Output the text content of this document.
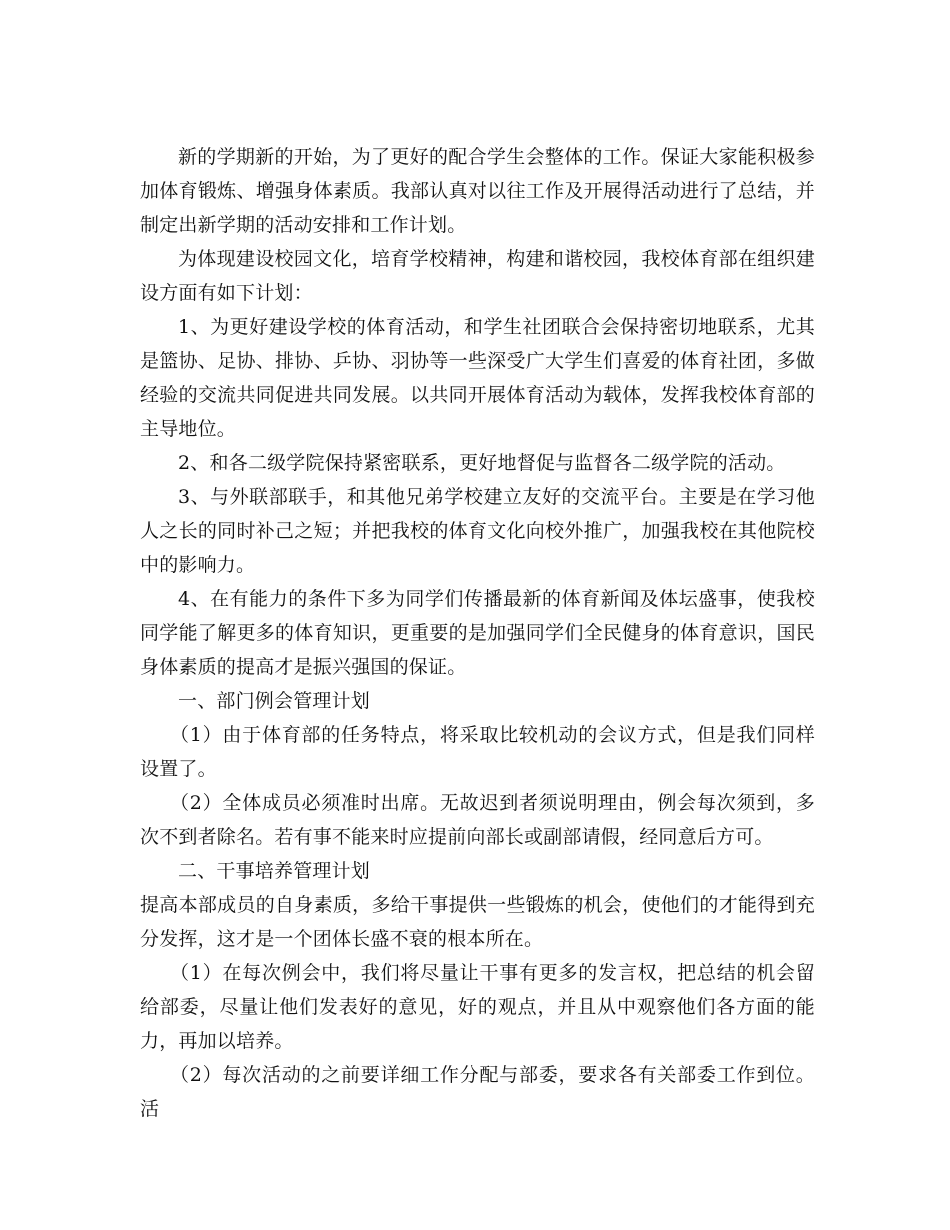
新的学期新的开始，为了更好的配合学生会整体的工作。保证大家能积极参加体育锻炼、增强身体素质。我部认真对以往工作及开展得活动进行了总结，并制定出新学期的活动安排和工作计划。

为体现建设校园文化，培育学校精神，构建和谐校园，我校体育部在组织建设方面有如下计划：

1、为更好建设学校的体育活动，和学生社团联合会保持密切地联系，尤其是篮协、足协、排协、乒协、羽协等一些深受广大学生们喜爱的体育社团，多做经验的交流共同促进共同发展。以共同开展体育活动为载体，发挥我校体育部的主导地位。

2、和各二级学院保持紧密联系，更好地督促与监督各二级学院的活动。

3、与外联部联手，和其他兄弟学校建立友好的交流平台。主要是在学习他人之长的同时补己之短；并把我校的体育文化向校外推广，加强我校在其他院校中的影响力。

4、在有能力的条件下多为同学们传播最新的体育新闻及体坛盛事，使我校同学能了解更多的体育知识，更重要的是加强同学们全民健身的体育意识，国民身体素质的提高才是振兴强国的保证。

一、部门例会管理计划

（1）由于体育部的任务特点，将采取比较机动的会议方式，但是我们同样设置了。

（2）全体成员必须准时出席。无故迟到者须说明理由，例会每次须到，多次不到者除名。若有事不能来时应提前向部长或副部请假，经同意后方可。

二、干事培养管理计划

提高本部成员的自身素质，多给干事提供一些锻炼的机会，使他们的才能得到充分发挥，这才是一个团体长盛不衰的根本所在。

（1）在每次例会中，我们将尽量让干事有更多的发言权，把总结的机会留给部委，尽量让他们发表好的意见，好的观点，并且从中观察他们各方面的能力，再加以培养。

（2）每次活动的之前要详细工作分配与部委，要求各有关部委工作到位。活
